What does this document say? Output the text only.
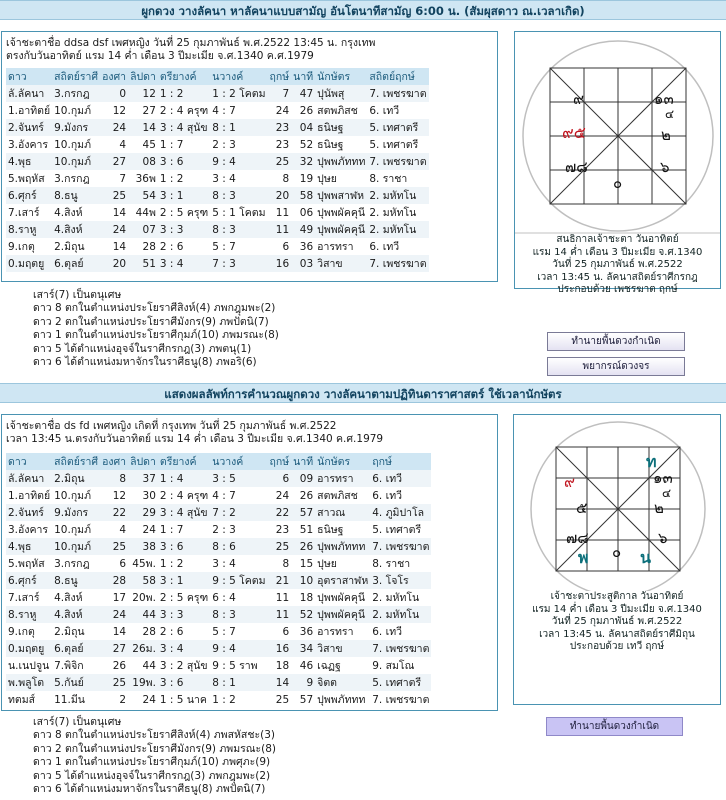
ผูกดวง วางลัคนา หาลัคนาแบบสามัญ อันโตนาทีสามัญ 6:00 น. (สัมผุสดาว ณ.เวลาเกิด)
เจ้าชะตาชื่อ ddsa dsf เพศหญิง วันที่ 25 กุมภาพันธ์ พ.ศ.2522 13:45 น. กรุงเทพ
ตรงกับวันอาทิตย์ แรม 14 ค่ำ เดือน 3 ปีมะเมีย จ.ศ.1340 ค.ศ.1979
ดาว	สถิตย์ราศี	องศา	ลิปดา	ตรียางค์	นวางค์	ฤกษ์	นาที	นักษัตร	สถิตย์ฤกษ์
ลั.ลัคนา	3.กรกฎ	0	12	1 : 2	1 : 2 โคตม	7	47	ปุนัพสุ	7. เพชรฆาต
1.อาทิตย์	10.กุมภ์	12	27	2 : 4 ครุฑ	4 : 7	24	26	สตพภิสช	6. เทวี
2.จันทร์	9.มังกร	24	14	3 : 4 สุนัข	8 : 1	23	04	ธนิษฐ	5. เทศาตรี
3.อังคาร	10.กุมภ์	4	45	1 : 7	2 : 3	23	52	ธนิษฐ	5. เทศาตรี
4.พุธ	10.กุมภ์	27	08	3 : 6	9 : 4	25	32	ปุพพภัททท	7. เพชรฆาต
5.พฤหัส	3.กรกฎ	7	36พ	1 : 2	3 : 4	8	19	ปุษย	8. ราชา
6.ศุกร์	8.ธนู	25	54	3 : 1	8 : 3	20	58	ปุพพสาฬห	2. มหัทโน
7.เสาร์	4.สิงห์	14	44พ	2 : 5 ครุฑ	5 : 1 โคตม	11	06	ปุพพผัคคุนี	2. มหัทโน
8.ราหู	4.สิงห์	24	07	3 : 3	8 : 3	11	49	ปุพพผัคคุนี	2. มหัทโน
9.เกตุ	2.มิถุน	14	28	2 : 6	5 : 7	6	36	อารทรา	6. เทวี
0.มฤตยู	6.ตุลย์	20	51	3 : 4	7 : 3	16	03	วิสาข	7. เพชรฆาต
เสาร์(7) เป็นตนุเศษ
ดาว 8 ตกในตำแหน่งประโยราศีสิงห์(4) ภพกฎุมพะ(2)
ดาว 2 ตกในตำแหน่งประโยราศีมังกร(9) ภพปัตนิ(7)
ดาว 1 ตกในตำแหน่งประโยราศีกุมภ์(10) ภพมรณะ(8)
ดาว 5 ได้ตำแหน่งอุจจ์ในราศีกรกฎ(3) ภพตนุ(1)
ดาว 6 ได้ตำแหน่งมหาจักรในราศีธนู(8) ภพอริ(6)
๙
๙๕
๗๘
๑๓
๔
๒
๖
๐
สนธิกาลเจ้าชะตา วันอาทิตย์
แรม 14 ค่ำ เดือน 3 ปีมะเมีย จ.ศ.1340
วันที่ 25 กุมภาพันธ์ พ.ศ.2522
เวลา 13:45 น. ลัคนาสถิตย์ราศีกรกฎ
ประกอบด้วย เพชรฆาต ฤกษ์
ทำนายพื้นดวงกำเนิด
พยากรณ์ดวงจร
แสดงผลลัพท์การคำนวณผูกดวง วางลัคนาตามปฏิทินดาราศาสตร์ ใช้เวลานักษัตร
เจ้าชะตาชื่อ ds fd เพศหญิง เกิดที่ กรุงเทพ วันที่ 25 กุมภาพันธ์ พ.ศ.2522
เวลา 13:45 น.ตรงกับวันอาทิตย์ แรม 14 ค่ำ เดือน 3 ปีมะเมีย จ.ศ.1340 ค.ศ.1979
ดาว	สถิตย์ราศี	องศา	ลิปดา	ตรียางค์	นวางค์	ฤกษ์	นาที	นักษัตร	ฤกษ์
ลั.ลัคนา	2.มิถุน	8	37	1 : 4	3 : 5	6	09	อารทรา	6. เทวี
1.อาทิตย์	10.กุมภ์	12	30	2 : 4 ครุฑ	4 : 7	24	26	สตพภิสช	6. เทวี
2.จันทร์	9.มังกร	22	29	3 : 4 สุนัข	7 : 2	22	57	สาวณ	4. ภูมิปาโล
3.อังคาร	10.กุมภ์	4	24	1 : 7	2 : 3	23	51	ธนิษฐ	5. เทศาตรี
4.พุธ	10.กุมภ์	25	38	3 : 6	8 : 6	25	26	ปุพพภัททท	7. เพชรฆาต
5.พฤหัส	3.กรกฎ	6	45พ.	1 : 2	3 : 4	8	15	ปุษย	8. ราชา
6.ศุกร์	8.ธนู	28	58	3 : 1	9 : 5 โคตม	21	10	อุตราสาฬห	3. โจโร
7.เสาร์	4.สิงห์	17	20พ.	2 : 5 ครุฑ	6 : 4	11	18	ปุพพผัคคุนี	2. มหัทโน
8.ราหู	4.สิงห์	24	44	3 : 3	8 : 3	11	52	ปุพพผัคคุนี	2. มหัทโน
9.เกตุ	2.มิถุน	14	28	2 : 6	5 : 7	6	36	อารทรา	6. เทวี
0.มฤตยู	6.ตุลย์	27	26ม.	3 : 4	9 : 4	16	34	วิสาข	7. เพชรฆาต
น.เนปจูน	7.พิจิก	26	44	3 : 2 สุนัข	9 : 5 ราพ	18	46	เฉฏฐ	9. สมโณ
พ.พลูโต	5.กันย์	25	19พ.	3 : 6	8 : 1	14	9	จิตต	5. เทศาตรี
ทตมส์	11.มีน	2	24	1 : 5 นาค	1 : 2	25	57	ปุพพภัททท	7. เพชรฆาต
เสาร์(7) เป็นตนุเศษ
ดาว 8 ตกในตำแหน่งประโยราศีสิงห์(4) ภพสหัสชะ(3)
ดาว 2 ตกในตำแหน่งประโยราศีมังกร(9) ภพมรณะ(8)
ดาว 1 ตกในตำแหน่งประโยราศีกุมภ์(10) ภพศุภะ(9)
ดาว 5 ได้ตำแหน่งอุจจ์ในราศีกรกฎ(3) ภพกฎุมพะ(2)
ดาว 6 ได้ตำแหน่งมหาจักรในราศีธนู(8) ภพปัตนิ(7)
ท
๙
๕
๗๘
๑๓
๔
๒
๖
๐
พ	น
เจ้าชะตาประสูติกาล วันอาทิตย์
แรม 14 ค่ำ เดือน 3 ปีมะเมีย จ.ศ.1340
วันที่ 25 กุมภาพันธ์ พ.ศ.2522
เวลา 13:45 น. ลัคนาสถิตย์ราศีมิถุน
ประกอบด้วย เทวี ฤกษ์
ทำนายพื้นดวงกำเนิด
